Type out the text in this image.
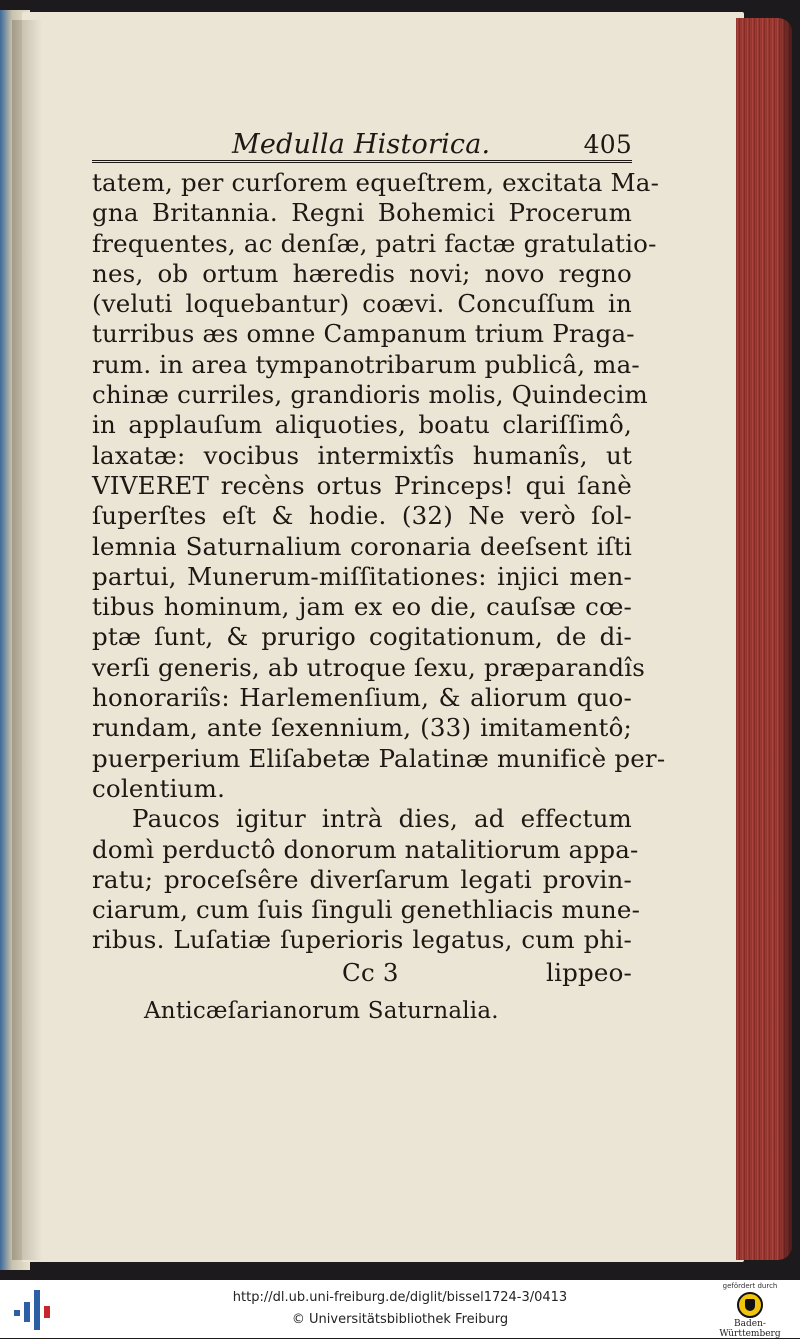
Medulla Historica.	405
tatem, per curſorem equeſtrem, excitata Ma-
gna Britannia. Regni Bohemici Procerum
frequentes, ac denſæ, patri factæ gratulatio-
nes, ob ortum hæredis novi; novo regno
(veluti loquebantur) coævi. Concuſſum in
turribus æs omne Campanum trium Praga-
rum. in area tympanotribarum publicâ, ma-
chinæ curriles, grandioris molis, Quindecim
in applauſum aliquoties, boatu clariſſimô,
laxatæ: vocibus intermixtîs humanîs, ut
VIVERET recèns ortus Princeps! qui ſanè
ſuperſtes eſt & hodie. (32) Ne verò ſol-
lemnia Saturnalium coronaria deeſsent iſti
partui, Munerum-miſſitationes: injici men-
tibus hominum, jam ex eo die, cauſsæ cœ-
ptæ ſunt, & prurigo cogitationum, de di-
verſi generis, ab utroque ſexu, præparandîs
honorariîs: Harlemenſium, & aliorum quo-
rundam, ante ſexennium, (33) imitamentô;
puerperium Eliſabetæ Palatinæ munificè per-
colentium.
Paucos igitur intrà dies, ad effectum
domì perductô donorum natalitiorum appa-
ratu; proceſsêre diverſarum legati provin-
ciarum, cum ſuis ſinguli genethliacis mune-
ribus. Luſatiæ ſuperioris legatus, cum phi-
Cc 3	lippeo-
Anticæſarianorum Saturnalia.
http://dl.ub.uni-freiburg.de/diglit/bissel1724-3/0413
© Universitätsbibliothek Freiburg
gefördert durch
Baden-Württemberg
